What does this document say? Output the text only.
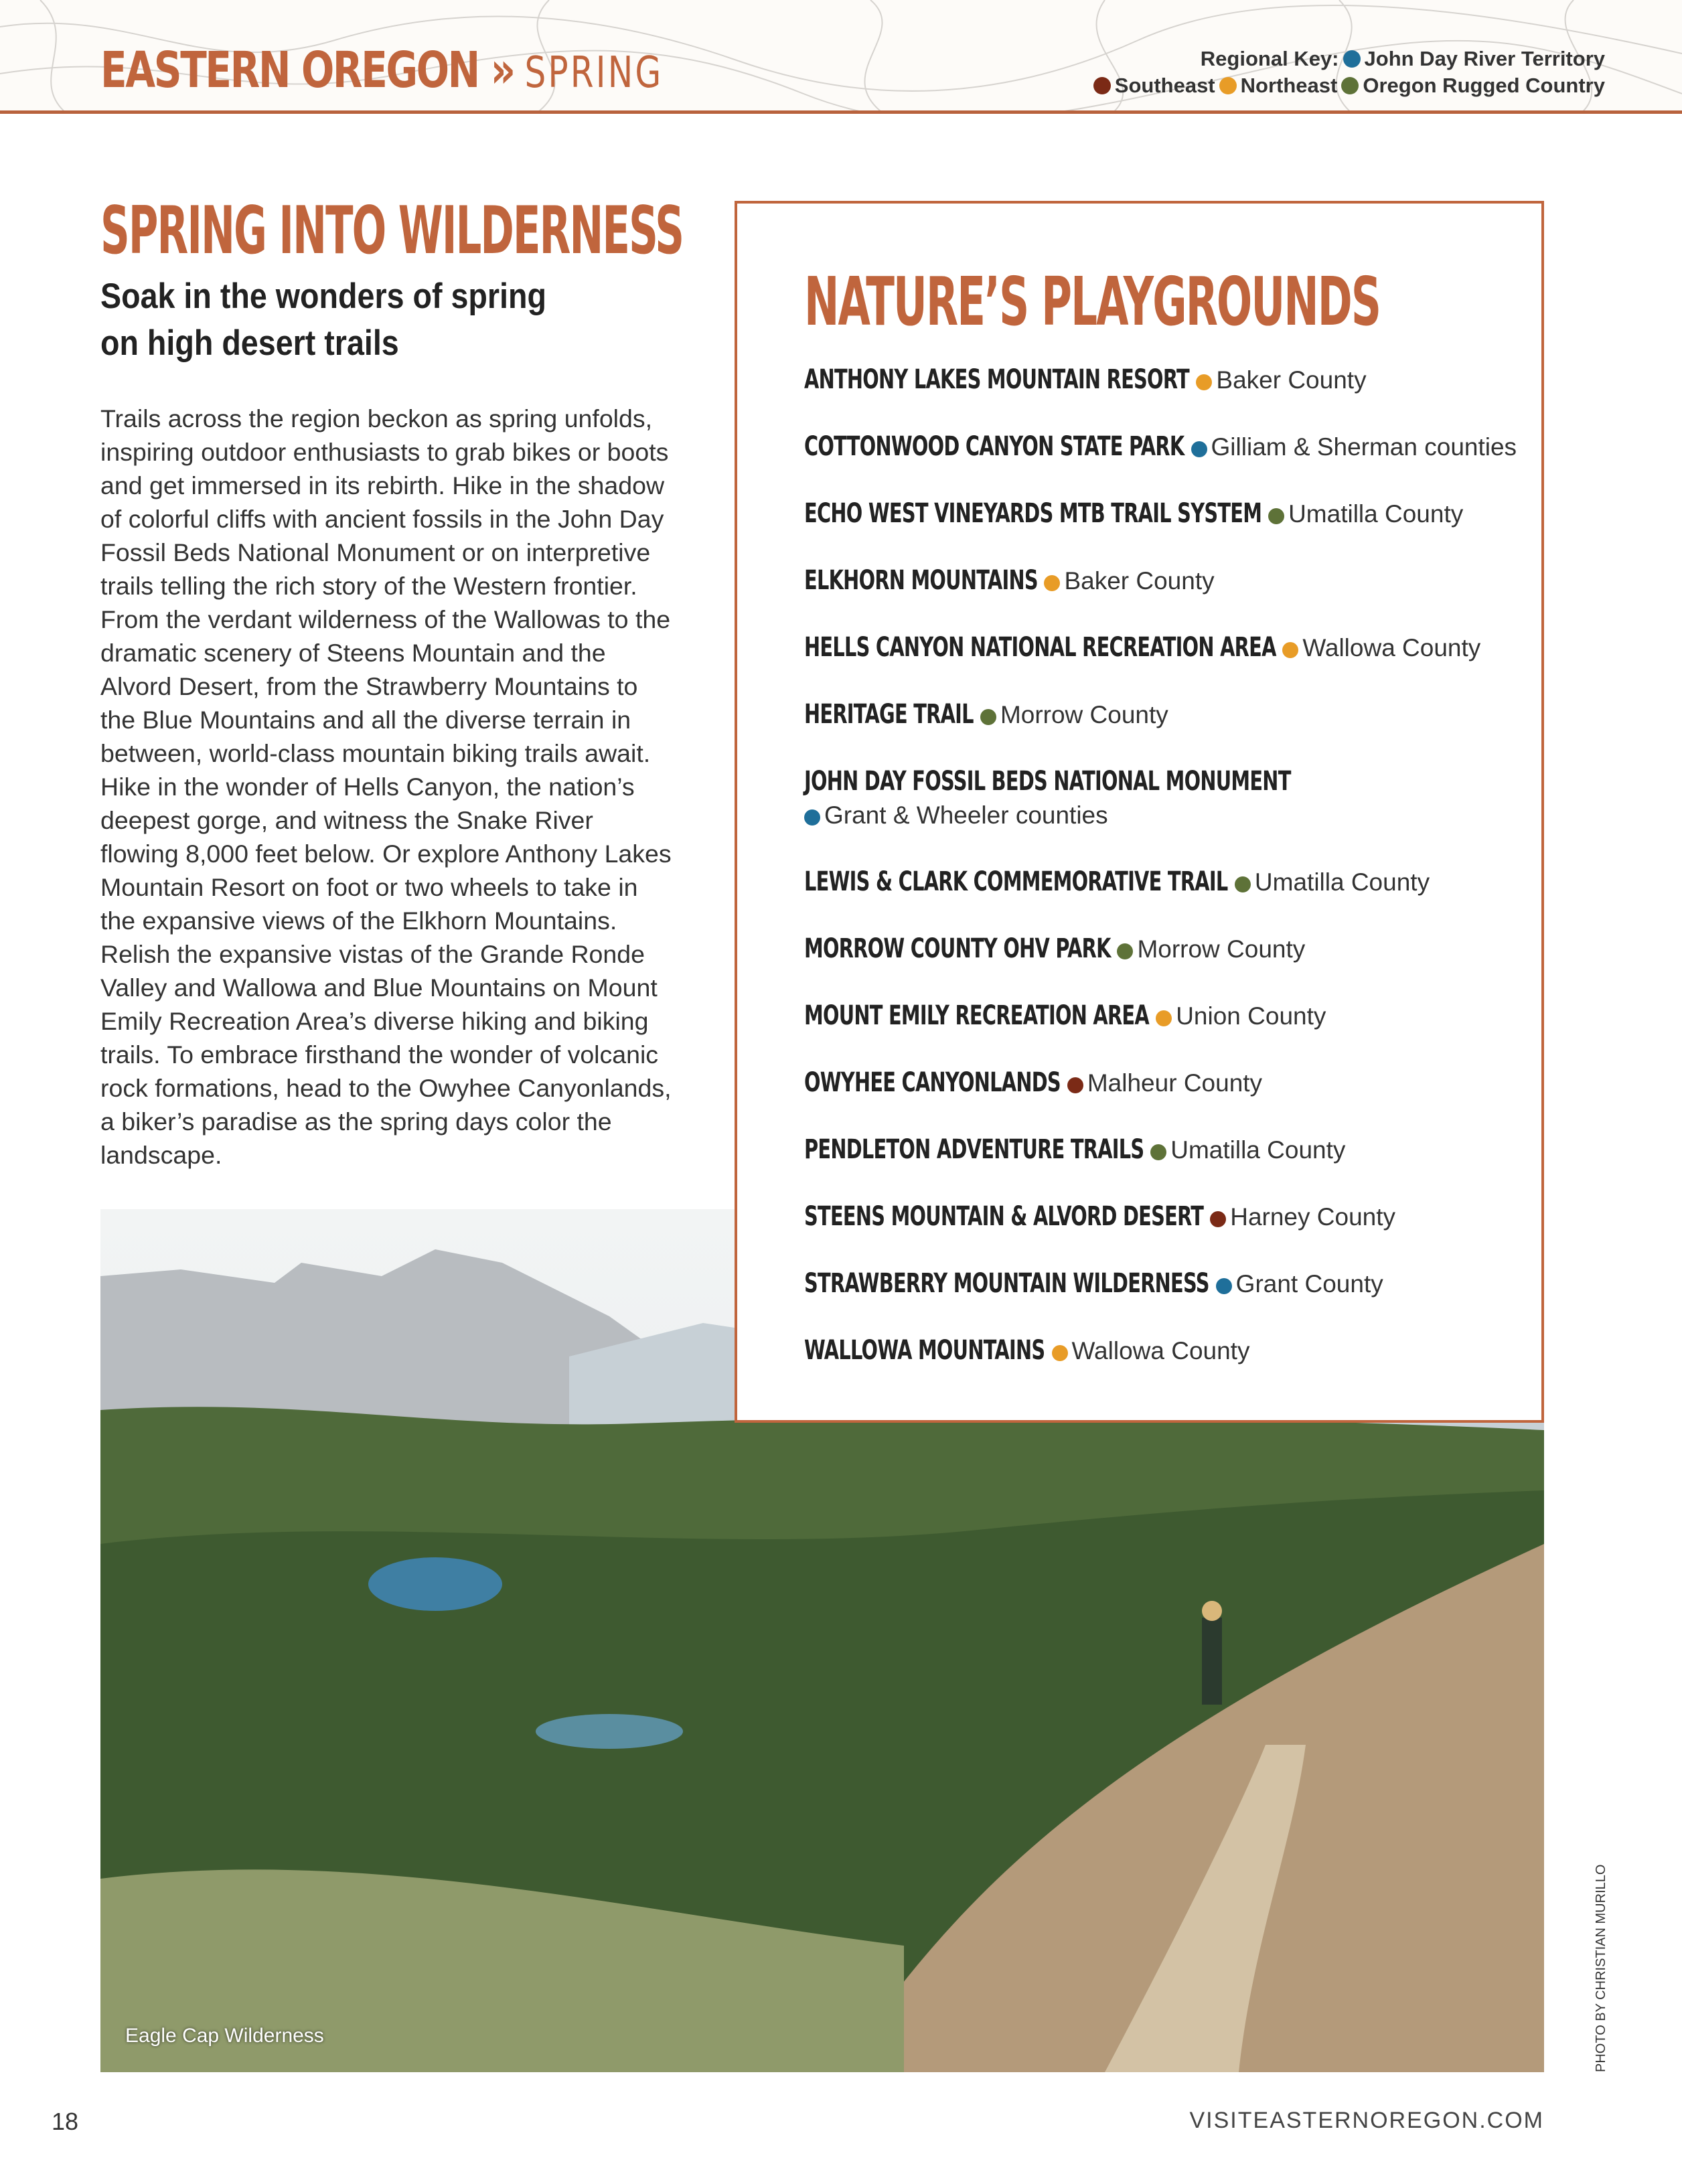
EASTERN OREGON » SPRING	Regional Key: John Day River Territory
Southeast Northeast Oregon Rugged Country
SPRING INTO WILDERNESS
Soak in the wonders of spring on high desert trails
Trails across the region beckon as spring unfolds, inspiring outdoor enthusiasts to grab bikes or boots and get immersed in its rebirth. Hike in the shadow of colorful cliffs with ancient fossils in the John Day Fossil Beds National Monument or on interpretive trails telling the rich story of the Western frontier. From the verdant wilderness of the Wallowas to the dramatic scenery of Steens Mountain and the Alvord Desert, from the Strawberry Mountains to the Blue Mountains and all the diverse terrain in between, world-class mountain biking trails await. Hike in the wonder of Hells Canyon, the nation’s deepest gorge, and witness the Snake River flowing 8,000 feet below. Or explore Anthony Lakes Mountain Resort on foot or two wheels to take in the expansive views of the Elkhorn Mountains. Relish the expansive vistas of the Grande Ronde Valley and Wallowa and Blue Mountains on Mount Emily Recreation Area’s diverse hiking and biking trails. To embrace firsthand the wonder of volcanic rock formations, head to the Owyhee Canyonlands, a biker’s paradise as the spring days color the landscape.
Eagle Cap Wilderness	PHOTO BY CHRISTIAN MURILLO
NATURE’S PLAYGROUNDS
ANTHONY LAKES MOUNTAIN RESORT Baker County
COTTONWOOD CANYON STATE PARK Gilliam & Sherman counties
ECHO WEST VINEYARDS MTB TRAIL SYSTEM Umatilla County
ELKHORN MOUNTAINS Baker County
HELLS CANYON NATIONAL RECREATION AREA Wallowa County
HERITAGE TRAIL Morrow County
JOHN DAY FOSSIL BEDS NATIONAL MONUMENT
Grant & Wheeler counties
LEWIS & CLARK COMMEMORATIVE TRAIL Umatilla County
MORROW COUNTY OHV PARK Morrow County
MOUNT EMILY RECREATION AREA Union County
OWYHEE CANYONLANDS Malheur County
PENDLETON ADVENTURE TRAILS Umatilla County
STEENS MOUNTAIN & ALVORD DESERT Harney County
STRAWBERRY MOUNTAIN WILDERNESS Grant County
WALLOWA MOUNTAINS Wallowa County
18	VISITEASTERNOREGON.COM
